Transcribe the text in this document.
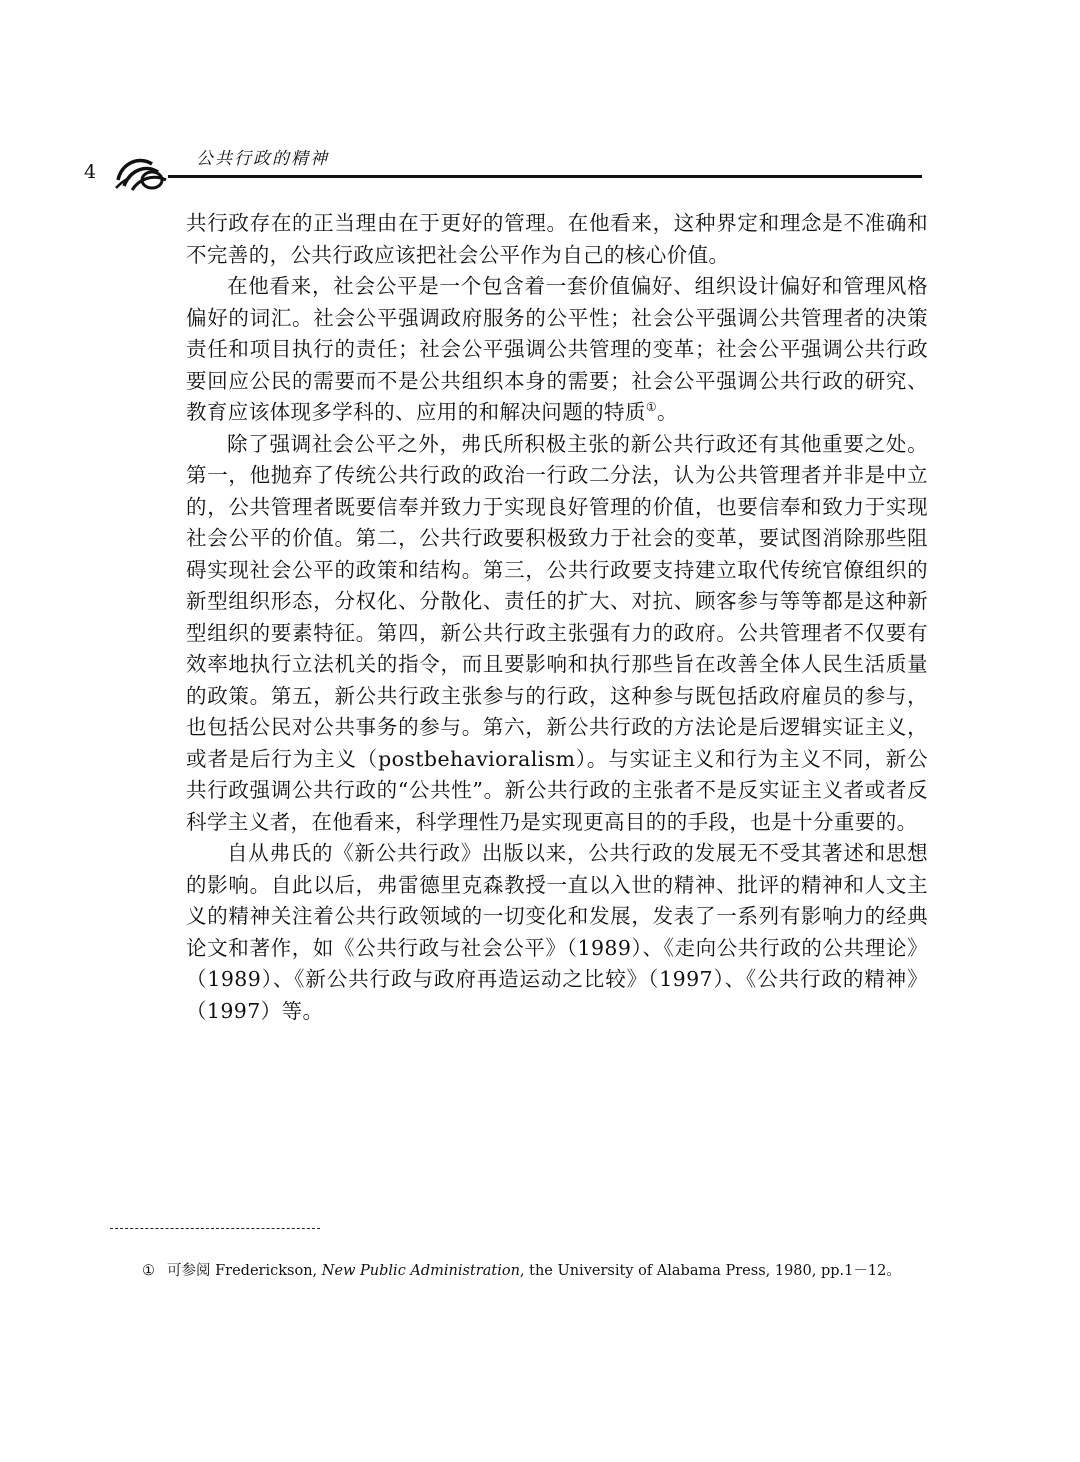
4
公共行政的精神

共行政存在的正当理由在于更好的管理。在他看来，这种界定和理念是不准确和不完善的，公共行政应该把社会公平作为自己的核心价值。

在他看来，社会公平是一个包含着一套价值偏好、组织设计偏好和管理风格偏好的词汇。社会公平强调政府服务的公平性；社会公平强调公共管理者的决策责任和项目执行的责任；社会公平强调公共管理的变革；社会公平强调公共行政要回应公民的需要而不是公共组织本身的需要；社会公平强调公共行政的研究、教育应该体现多学科的、应用的和解决问题的特质①。

除了强调社会公平之外，弗氏所积极主张的新公共行政还有其他重要之处。第一，他抛弃了传统公共行政的政治一行政二分法，认为公共管理者并非是中立的，公共管理者既要信奉并致力于实现良好管理的价值，也要信奉和致力于实现社会公平的价值。第二，公共行政要积极致力于社会的变革，要试图消除那些阻碍实现社会公平的政策和结构。第三，公共行政要支持建立取代传统官僚组织的新型组织形态，分权化、分散化、责任的扩大、对抗、顾客参与等等都是这种新型组织的要素特征。第四，新公共行政主张强有力的政府。公共管理者不仅要有效率地执行立法机关的指令，而且要影响和执行那些旨在改善全体人民生活质量的政策。第五，新公共行政主张参与的行政，这种参与既包括政府雇员的参与，也包括公民对公共事务的参与。第六，新公共行政的方法论是后逻辑实证主义，或者是后行为主义（postbehavioralism）。与实证主义和行为主义不同，新公共行政强调公共行政的“公共性”。新公共行政的主张者不是反实证主义者或者反科学主义者，在他看来，科学理性乃是实现更高目的的手段，也是十分重要的。

自从弗氏的《新公共行政》出版以来，公共行政的发展无不受其著述和思想的影响。自此以后，弗雷德里克森教授一直以入世的精神、批评的精神和人文主义的精神关注着公共行政领域的一切变化和发展，发表了一系列有影响力的经典论文和著作，如《公共行政与社会公平》（1989）、《走向公共行政的公共理论》（1989）、《新公共行政与政府再造运动之比较》（1997）、《公共行政的精神》（1997）等。

① 可参阅 Frederickson, New Public Administration, the University of Alabama Press, 1980, pp.1－12。
